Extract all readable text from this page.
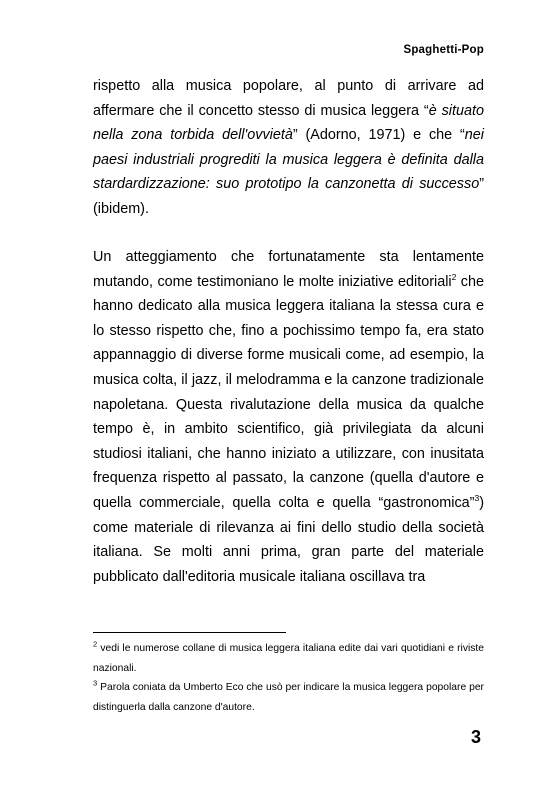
Spaghetti-Pop

rispetto alla musica popolare, al punto di arrivare ad affermare che il concetto stesso di musica leggera “è situato nella zona torbida dell'ovvietà” (Adorno, 1971) e che “nei paesi industriali progrediti la musica leggera è definita dalla stardardizzazione: suo prototipo la canzonetta di successo” (ibidem).

Un atteggiamento che fortunatamente sta lentamente mutando, come testimoniano le molte iniziative editoriali$^2$ che hanno dedicato alla musica leggera italiana la stessa cura e lo stesso rispetto che, fino a pochissimo tempo fa, era stato appannaggio di diverse forme musicali come, ad esempio, la musica colta, il jazz, il melodramma e la canzone tradizionale napoletana. Questa rivalutazione della musica da qualche tempo è, in ambito scientifico, già privilegiata da alcuni studiosi italiani, che hanno iniziato a utilizzare, con inusitata frequenza rispetto al passato, la canzone (quella d'autore e quella commerciale, quella colta e quella “gastronomica”$^3$) come materiale di rilevanza ai fini dello studio della società italiana. Se molti anni prima, gran parte del materiale pubblicato dall'editoria musicale italiana oscillava tra

$^2$ vedi le numerose collane di musica leggera italiana edite dai vari quotidiani e riviste nazionali.

$^3$ Parola coniata da Umberto Eco che usò per indicare la musica leggera popolare per distinguerla dalla canzone d'autore.

3
